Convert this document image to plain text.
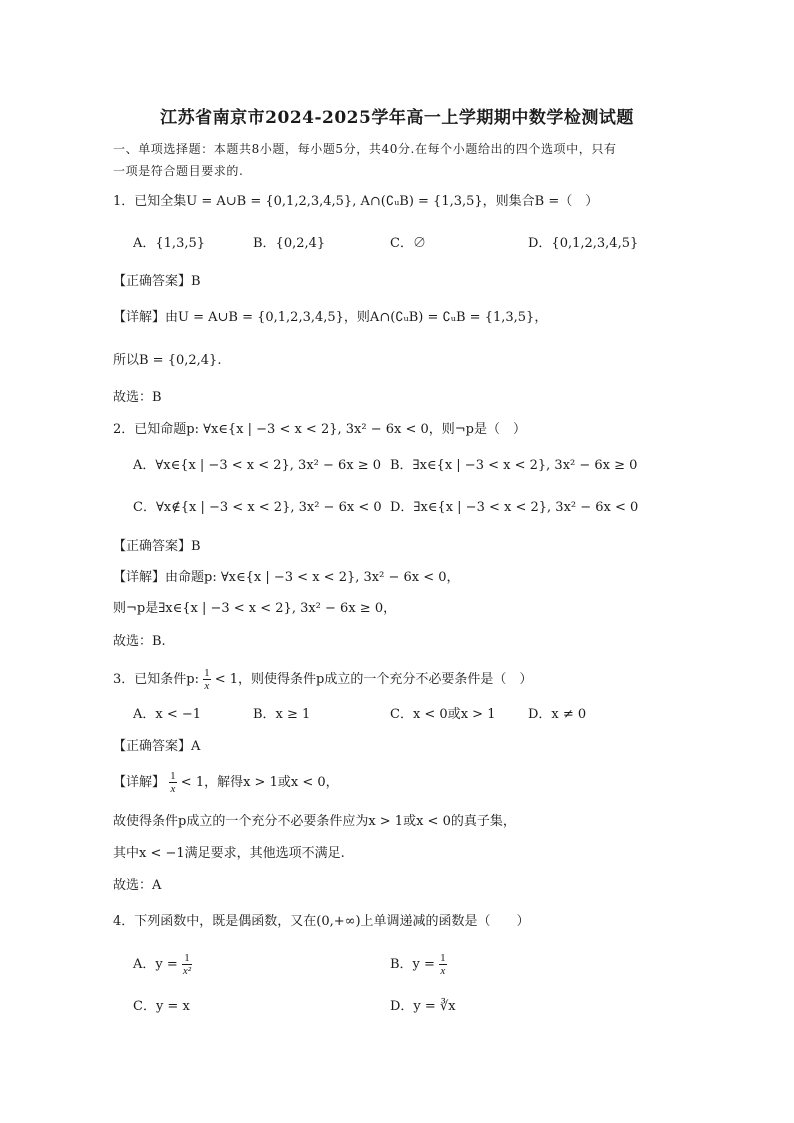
江苏省南京市2024-2025学年高一上学期期中数学检测试题
一、单项选择题：本题共8小题，每小题5分，共40分.在每个小题给出的四个选项中，只有
一项是符合题目要求的.
1．已知全集U = A∪B = {0,1,2,3,4,5}, A∩(∁ᵤB) = {1,3,5}，则集合B =（　）
A．{1,3,5}	B．{0,2,4}	C．∅	D．{0,1,2,3,4,5}
【正确答案】B
【详解】由U = A∪B = {0,1,2,3,4,5}，则A∩(∁ᵤB) = ∁ᵤB = {1,3,5}，
所以B = {0,2,4}.
故选：B
2．已知命题p: ∀x∈{x | −3 < x < 2}, 3x² − 6x < 0，则¬p是（　）
A．∀x∈{x | −3 < x < 2}, 3x² − 6x ≥ 0 B．∃x∈{x | −3 < x < 2}, 3x² − 6x ≥ 0
C．∀x∉{x | −3 < x < 2}, 3x² − 6x < 0 D．∃x∈{x | −3 < x < 2}, 3x² − 6x < 0
【正确答案】B
【详解】由命题p: ∀x∈{x | −3 < x < 2}, 3x² − 6x < 0，
则¬p是∃x∈{x | −3 < x < 2}, 3x² − 6x ≥ 0，
故选：B.
3．已知条件p: $\frac{1}{x} < 1$，则使得条件p成立的一个充分不必要条件是（　）
A．x < −1	B．x ≥ 1	C．x < 0或x > 1	D．x ≠ 0
【正确答案】A
【详解】 $\frac{1}{x} < 1$，解得x > 1或x < 0，
故使得条件p成立的一个充分不必要条件应为x > 1或x < 0的真子集，
其中x < −1满足要求，其他选项不满足.
故选：A
4．下列函数中，既是偶函数，又在(0,+∞)上单调递减的函数是（　　）
A．$y = \frac{1}{\text{x²}}$	B．$y = \frac{1}{x}$
C．y = x	D．y = ∛x
